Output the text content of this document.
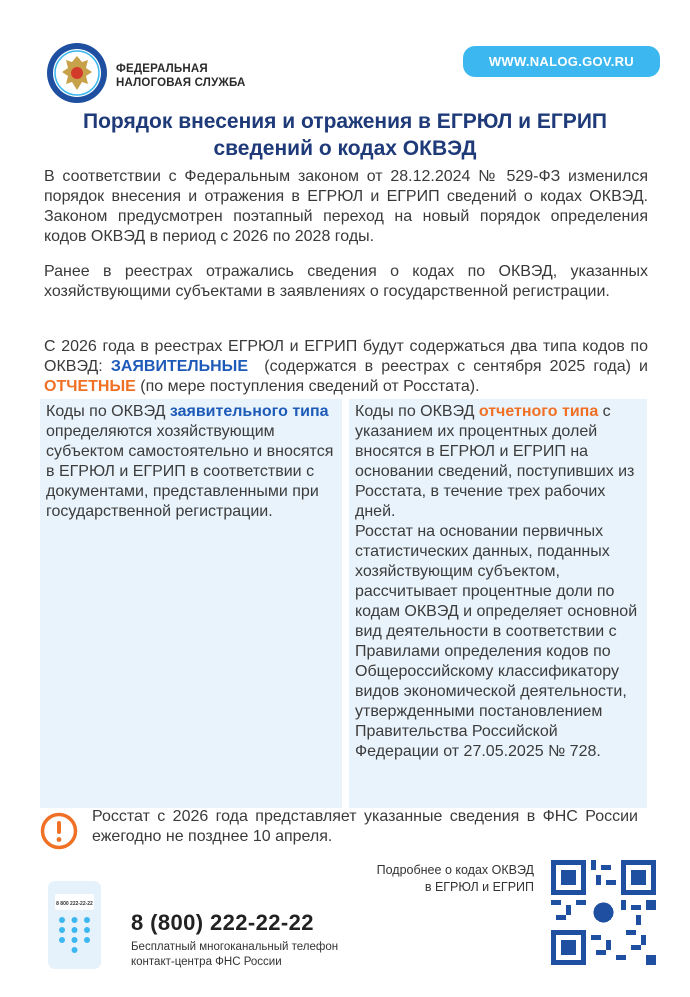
ФЕДЕРАЛЬНАЯ
НАЛОГОВАЯ СЛУЖБА
WWW.NALOG.GOV.RU
Порядок внесения и отражения в ЕГРЮЛ и ЕГРИП
сведений о кодах ОКВЭД
В соответствии с Федеральным законом от 28.12.2024 № 529-ФЗ изменился порядок внесения и отражения в ЕГРЮЛ и ЕГРИП сведений о кодах ОКВЭД. Законом предусмотрен поэтапный переход на новый порядок определения кодов ОКВЭД в период с 2026 по 2028 годы.
Ранее в реестрах отражались сведения о кодах по ОКВЭД, указанных хозяйствующими субъектами в заявлениях о государственной регистрации.
С 2026 года в реестрах ЕГРЮЛ и ЕГРИП будут содержаться два типа кодов по ОКВЭД: ЗАЯВИТЕЛЬНЫЕ  (содержатся в реестрах с сентября 2025 года) и ОТЧЕТНЫЕ (по мере поступления сведений от Росстата).

Коды по ОКВЭД заявительного типа определяются хозяйствующим субъектом самостоятельно и вносятся в ЕГРЮЛ и ЕГРИП в соответствии с документами, представленными при государственной регистрации.

Коды по ОКВЭД отчетного типа с указанием их процентных долей вносятся в ЕГРЮЛ и ЕГРИП на основании сведений, поступивших из Росстата, в течение трех рабочих дней.

Росстат на основании первичных статистических данных, поданных хозяйствующим субъектом, рассчитывает процентные доли по кодам ОКВЭД и определяет основной вид деятельности в соответствии с Правилами определения кодов по Общероссийскому классификатору видов экономической деятельности, утвержденными постановлением Правительства Российской Федерации от 27.05.2025 № 728.

Росстат с 2026 года представляет указанные сведения в ФНС России ежегодно не позднее 10 апреля.
Подробнее о кодах ОКВЭД
в ЕГРЮЛ и ЕГРИП
8 800 222-22-22
8 (800) 222-22-22
Бесплатный многоканальный телефон
контакт-центра ФНС России
